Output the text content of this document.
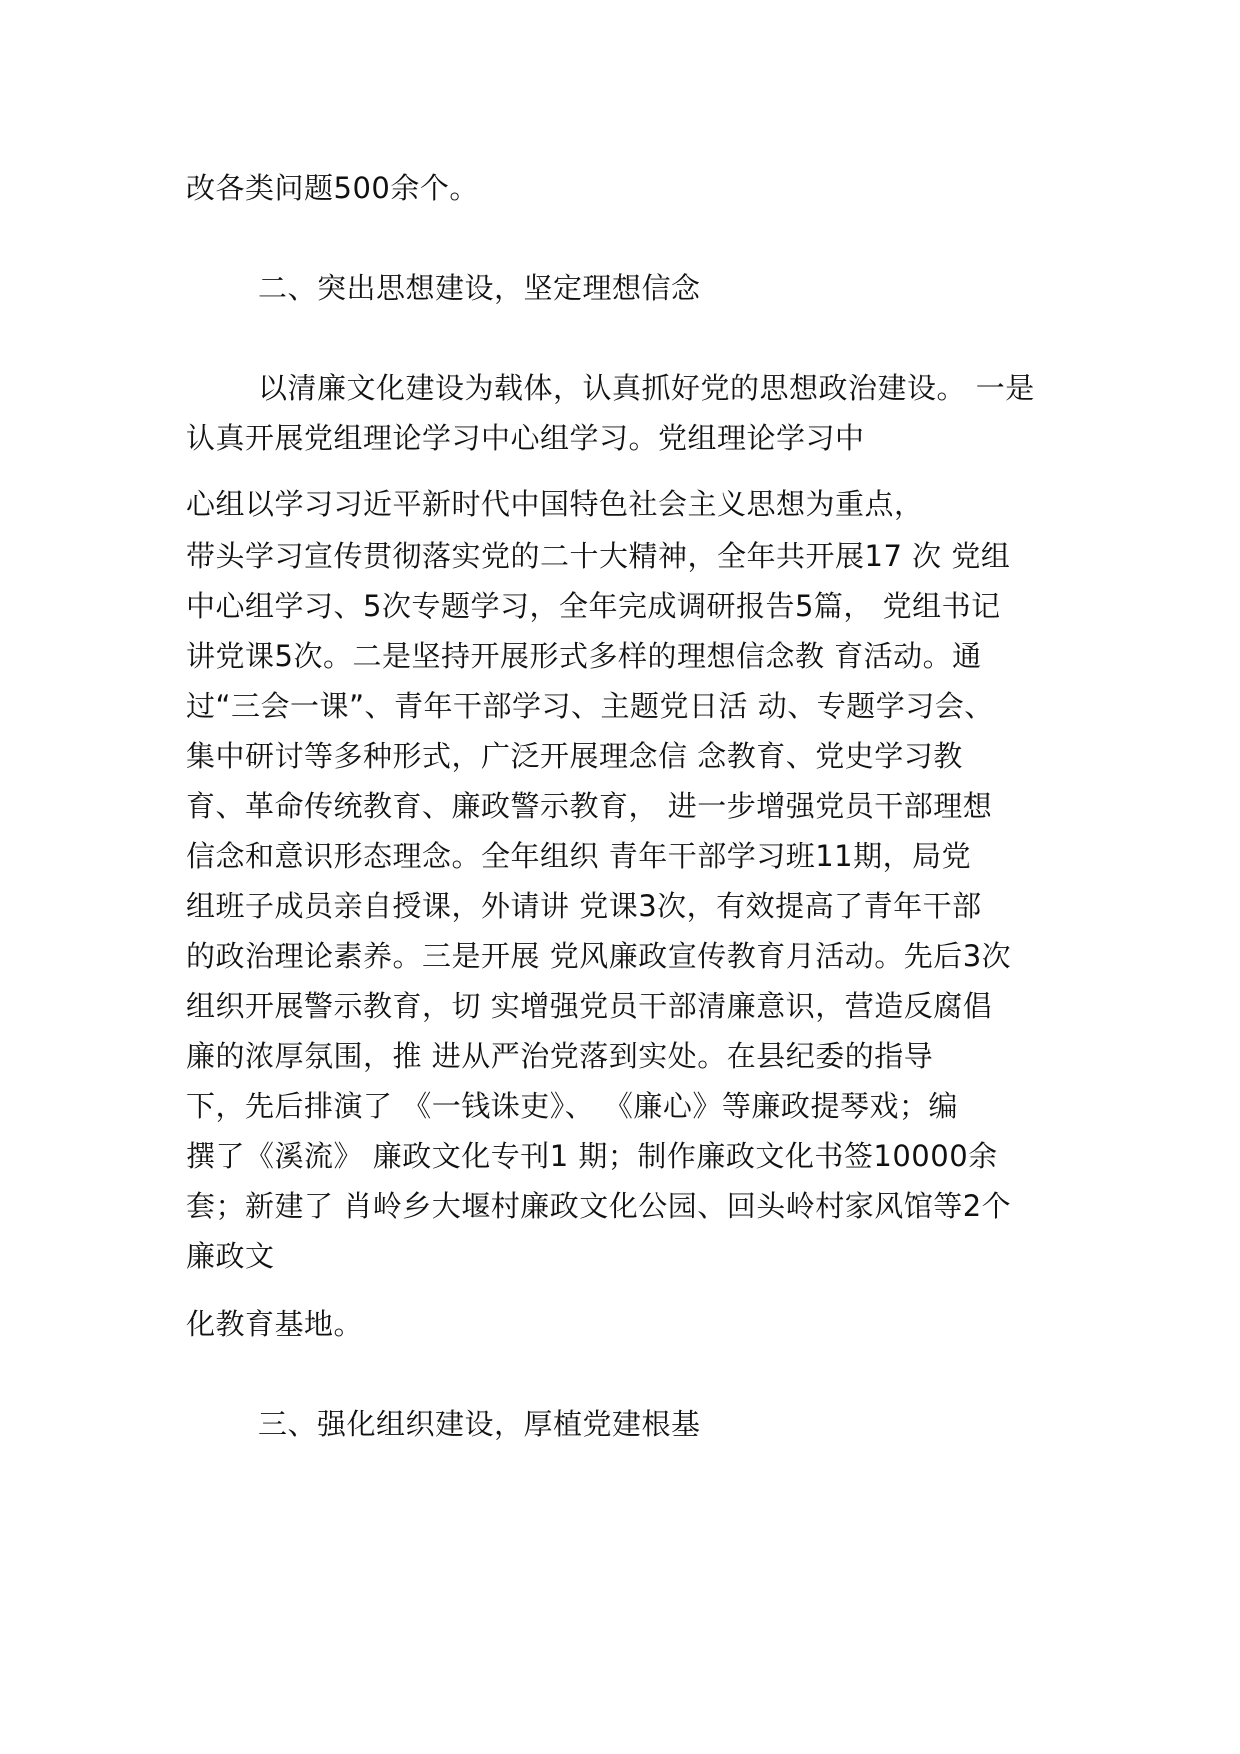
改各类问题500余个。
二、突出思想建设，坚定理想信念
以清廉文化建设为载体，认真抓好党的思想政治建设。 一是
认真开展党组理论学习中心组学习。党组理论学习中
心组以学习习近平新时代中国特色社会主义思想为重点，
带头学习宣传贯彻落实党的二十大精神，全年共开展17 次 党组
中心组学习、5次专题学习，全年完成调研报告5篇， 党组书记
讲党课5次。二是坚持开展形式多样的理想信念教 育活动。通
过“三会一课”、青年干部学习、主题党日活 动、专题学习会、
集中研讨等多种形式，广泛开展理念信 念教育、党史学习教
育、革命传统教育、廉政警示教育， 进一步增强党员干部理想
信念和意识形态理念。全年组织 青年干部学习班11期，局党
组班子成员亲自授课，外请讲 党课3次，有效提高了青年干部
的政治理论素养。三是开展 党风廉政宣传教育月活动。先后3次
组织开展警示教育，切 实增强党员干部清廉意识，营造反腐倡
廉的浓厚氛围，推 进从严治党落到实处。在县纪委的指导
下，先后排演了 《一钱诛吏》、 《廉心》等廉政提琴戏；编
撰了《溪流》 廉政文化专刊1 期；制作廉政文化书签10000余
套；新建了 肖岭乡大堰村廉政文化公园、回头岭村家风馆等2个
廉政文
化教育基地。
三、强化组织建设，厚植党建根基
